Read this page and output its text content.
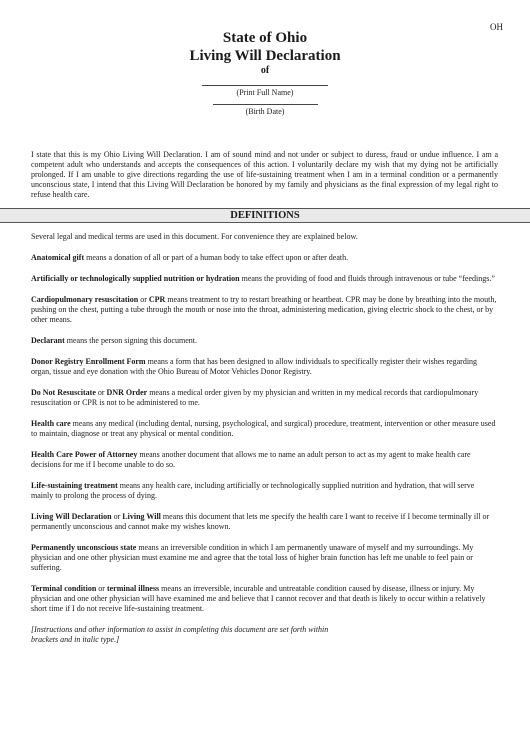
OH
State of Ohio
Living Will Declaration
of
(Print Full Name)
(Birth Date)
I state that this is my Ohio Living Will Declaration. I am of sound mind and not under or subject to duress, fraud or undue influence. I am a competent adult who understands and accepts the consequences of this action. I voluntarily declare my wish that my dying not be artificially prolonged. If I am unable to give directions regarding the use of life-sustaining treatment when I am in a terminal condition or a permanently unconscious state, I intend that this Living Will Declaration be honored by my family and physicians as the final expression of my legal right to refuse health care.
DEFINITIONS

Several legal and medical terms are used in this document. For convenience they are explained below.

Anatomical gift means a donation of all or part of a human body to take effect upon or after death.

Artificially or technologically supplied nutrition or hydration means the providing of food and fluids through intravenous or tube “feedings.”

Cardiopulmonary resuscitation or CPR means treatment to try to restart breathing or heartbeat. CPR may be done by breathing into the mouth, pushing on the chest, putting a tube through the mouth or nose into the throat, administering medication, giving electric shock to the chest, or by other means.

Declarant means the person signing this document.

Donor Registry Enrollment Form means a form that has been designed to allow individuals to specifically register their wishes regarding organ, tissue and eye donation with the Ohio Bureau of Motor Vehicles Donor Registry.

Do Not Resuscitate or DNR Order means a medical order given by my physician and written in my medical records that cardiopulmonary resuscitation or CPR is not to be administered to me.

Health care means any medical (including dental, nursing, psychological, and surgical) procedure, treatment, intervention or other measure used to maintain, diagnose or treat any physical or mental condition.

Health Care Power of Attorney means another document that allows me to name an adult person to act as my agent to make health care decisions for me if I become unable to do so.

Life-sustaining treatment means any health care, including artificially or technologically supplied nutrition and hydration, that will serve mainly to prolong the process of dying.

Living Will Declaration or Living Will means this document that lets me specify the health care I want to receive if I become terminally ill or permanently unconscious and cannot make my wishes known.

Permanently unconscious state means an irreversible condition in which I am permanently unaware of myself and my surroundings. My physician and one other physician must examine me and agree that the total loss of higher brain function has left me unable to feel pain or suffering.

Terminal condition or terminal illness means an irreversible, incurable and untreatable condition caused by disease, illness or injury. My physician and one other physician will have examined me and believe that I cannot recover and that death is likely to occur within a relatively short time if I do not receive life-sustaining treatment.

[Instructions and other information to assist in completing this document are set forth within
brackets and in italic type.]
